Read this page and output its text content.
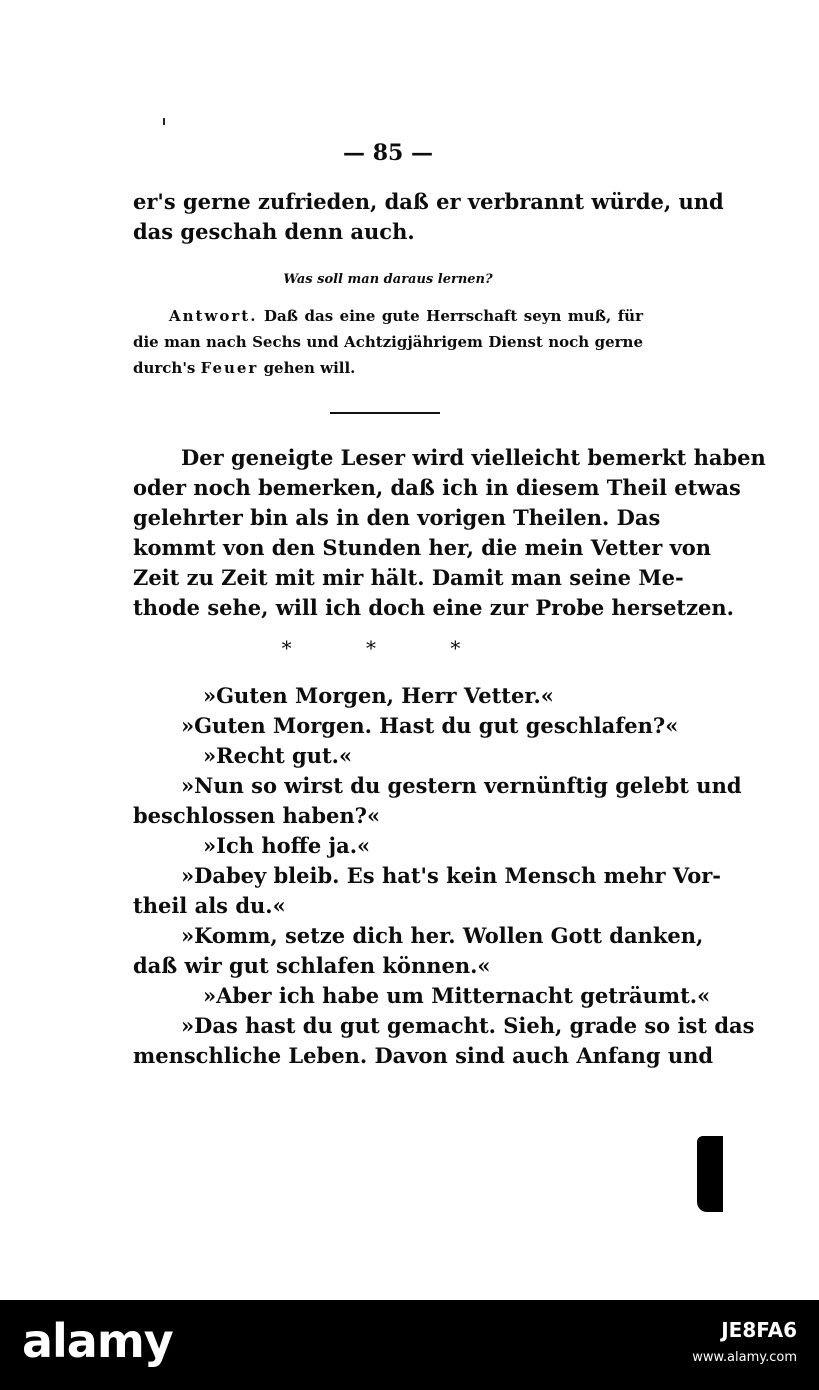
— 85 —
er's gerne zufrieden, daß er verbrannt würde, und
das geschah denn auch.
Was soll man daraus lernen?
Antwort. Daß das eine gute Herrschaft seyn muß, für
die man nach Sechs und Achtzigjährigem Dienst noch gerne
durch's Feuer gehen will.
Der geneigte Leser wird vielleicht bemerkt haben
oder noch bemerken, daß ich in diesem Theil etwas
gelehrter bin als in den vorigen Theilen. Das
kommt von den Stunden her, die mein Vetter von
Zeit zu Zeit mit mir hält. Damit man seine Me-
thode sehe, will ich doch eine zur Probe hersetzen.
* * *
»Guten Morgen, Herr Vetter.«
»Guten Morgen. Hast du gut geschlafen?«
»Recht gut.«
»Nun so wirst du gestern vernünftig gelebt und
beschlossen haben?«
»Ich hoffe ja.«
»Dabey bleib. Es hat's kein Mensch mehr Vor-
theil als du.«
»Komm, setze dich her. Wollen Gott danken,
daß wir gut schlafen können.«
»Aber ich habe um Mitternacht geträumt.«
»Das hast du gut gemacht. Sieh, grade so ist das
menschliche Leben. Davon sind auch Anfang und
alamy	JE8FA6
www.alamy.com
